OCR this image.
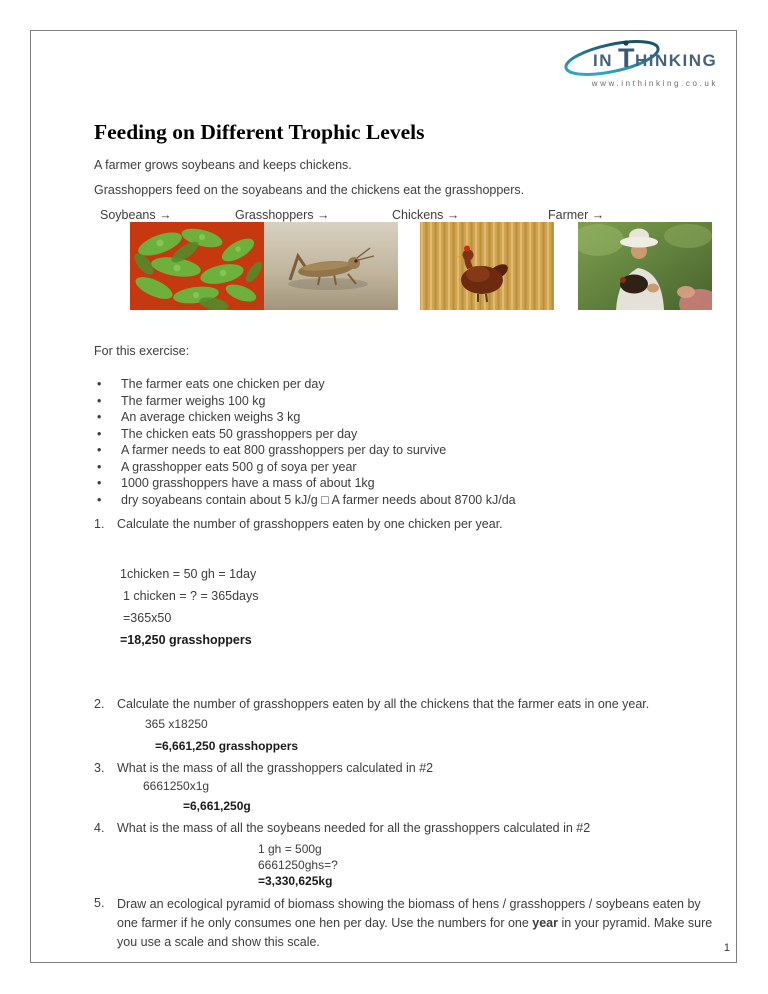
IN T HINKING
www.inthinking.co.uk
Feeding on Different Trophic Levels

A farmer grows soybeans and keeps chickens.

Grasshoppers feed on the soyabeans and the chickens eat the grasshoppers.

Soybeans →	Grasshoppers →	Chickens →	Farmer →

For this exercise:

•	The farmer eats one chicken per day
•	The farmer weighs 100 kg
•	An average chicken weighs 3 kg
•	The chicken eats 50 grasshoppers per day
•	A farmer needs to eat 800 grasshoppers per day to survive
•	A grasshopper eats 500 g of soya per year
•	1000 grasshoppers have a mass of about 1kg
•	dry soyabeans contain about 5 kJ/g □ A farmer needs about 8700 kJ/da
1.	Calculate the number of grasshoppers eaten by one chicken per year.
1chicken = 50 gh = 1day
1 chicken = ? = 365days
=365x50
=18,250 grasshoppers
2.	Calculate the number of grasshoppers eaten by all the chickens that the farmer eats in one year.
365 x18250
=6,661,250 grasshoppers
3.	What is the mass of all the grasshoppers calculated in #2
6661250x1g
=6,661,250g
4.	What is the mass of all the soybeans needed for all the grasshoppers calculated in #2
1 gh = 500g
6661250ghs=?
=3,330,625kg
5.	Draw an ecological pyramid of biomass showing the biomass of hens / grasshoppers / soybeans eaten by one farmer if he only consumes one hen per day. Use the numbers for one year in your pyramid. Make sure you use a scale and show this scale.	1
